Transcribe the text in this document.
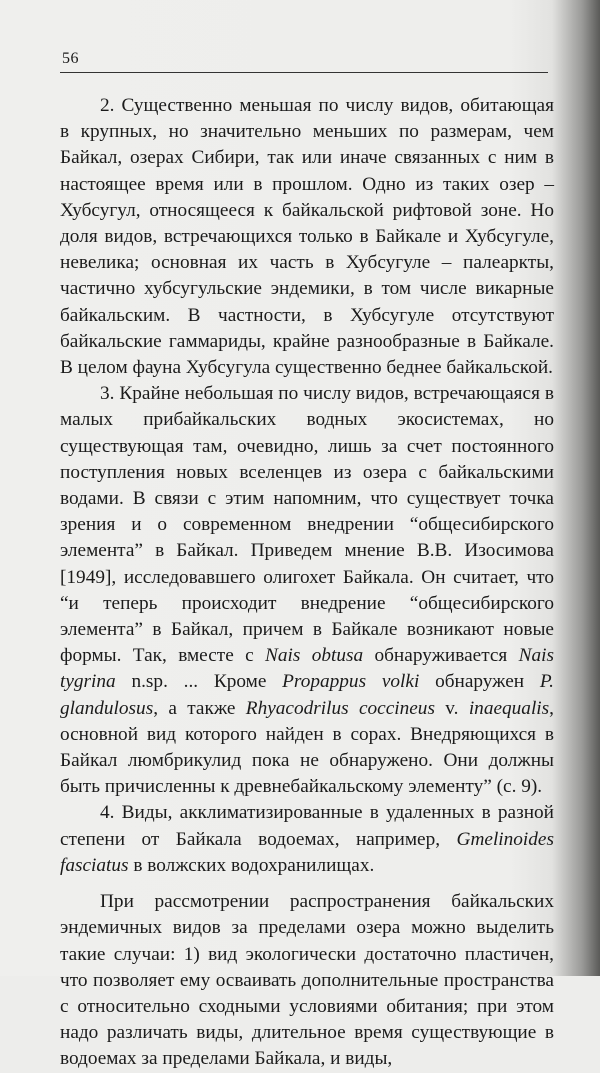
56

2. Существенно меньшая по числу видов, обитающая в крупных, но значительно меньших по размерам, чем Байкал, озерах Сибири, так или иначе связанных с ним в настоящее время или в прошлом. Одно из таких озер – Хубсугул, относящееся к байкальской рифтовой зоне. Но доля видов, встречающихся только в Байкале и Хубсугуле, невелика; основная их часть в Хубсугуле – палеаркты, частично хубсугульские эндемики, в том числе викарные байкальским. В частности, в Хубсугуле отсутствуют байкальские гаммариды, крайне разнообразные в Байкале. В целом фауна Хубсугула существенно беднее байкальской.

3. Крайне небольшая по числу видов, встречающаяся в малых прибайкальских водных экосистемах, но существующая там, очевидно, лишь за счет постоянного поступления новых вселенцев из озера с байкальскими водами. В связи с этим напомним, что существует точка зрения и о современном внедрении “общесибирского элемента” в Байкал. Приведем мнение В.В. Изосимова [1949], исследовавшего олигохет Байкала. Он считает, что “и теперь происходит внедрение “общесибирского элемента” в Байкал, причем в Байкале возникают новые формы. Так, вместе с Nais obtusa обнаруживается Nais tygrina n.sp. ... Кроме Propappus volki обнаружен P. glandulosus, а также Rhyacodrilus coccineus v. inaequalis, основной вид которого найден в сорах. Внедряющихся в Байкал люмбрикулид пока не обнаружено. Они должны быть причисленны к древнебайкальскому элементу” (с. 9).

4. Виды, акклиматизированные в удаленных в разной степени от Байкала водоемах, например, Gmelinoides fasciatus в волжских водохранилищах.

При рассмотрении распространения байкальских эндемичных видов за пределами озера можно выделить такие случаи: 1) вид экологически достаточно пластичен, что позволяет ему осваивать дополнительные пространства с относительно сходными условиями обитания; при этом надо различать виды, длительное время существующие в водоемах за пределами Байкала, и виды,
